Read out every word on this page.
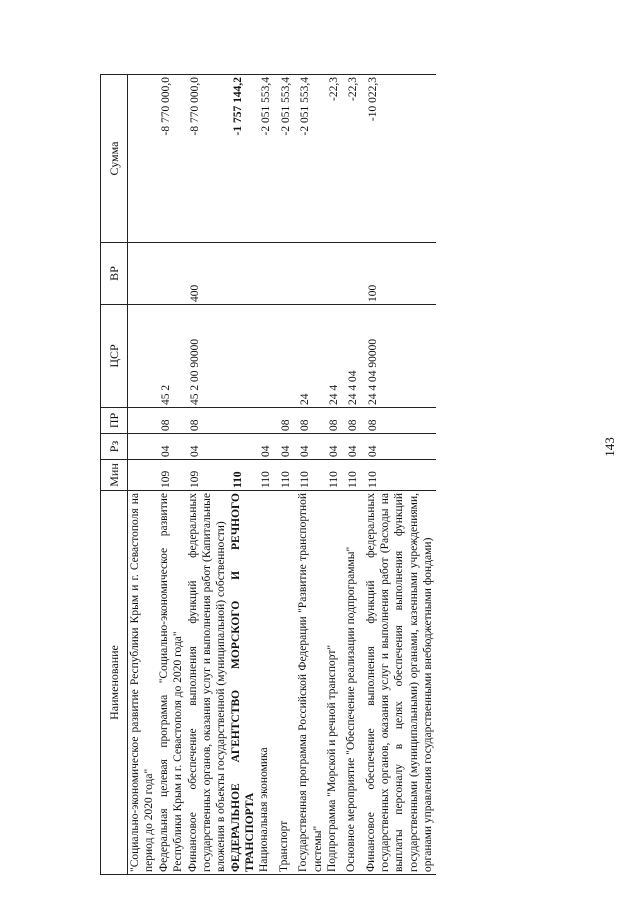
143
Наименование	Мин	Рз	ПР	ЦСР	ВР	Сумма
"Социально-экономическое развитие Республики Крым и г. Севастополя на период до 2020 года"						
Федеральная целевая программа "Социально-экономическое развитие Республики Крым и г. Севастополя до 2020 года"	109	04	08	45 2		-8 770 000,0
Финансовое обеспечение выполнения функций федеральных государственных органов, оказания услуг и выполнения работ (Капитальные вложения в объекты государственной (муниципальной) собственности)	109	04	08	45 2 00 90000	400	-8 770 000,0
ФЕДЕРАЛЬНОЕ АГЕНТСТВО МОРСКОГО И РЕЧНОГО ТРАНСПОРТА	110					-1 757 144,2
Национальная экономика	110	04				-2 051 553,4
Транспорт	110	04	08			-2 051 553,4
Государственная программа Российской Федерации "Развитие транспортной системы"	110	04	08	24		-2 051 553,4
Подпрограмма "Морской и речной транспорт"	110	04	08	24 4		-22,3
Основное мероприятие "Обеспечение реализации подпрограммы"	110	04	08	24 4 04		-22,3
Финансовое обеспечение выполнения функций федеральных государственных органов, оказания услуг и выполнения работ (Расходы на выплаты персоналу в целях обеспечения выполнения функций государственными (муниципальными) органами, казенными учреждениями, органами управления государственными внебюджетными фондами)	110	04	08	24 4 04 90000	100	-10 022,3
